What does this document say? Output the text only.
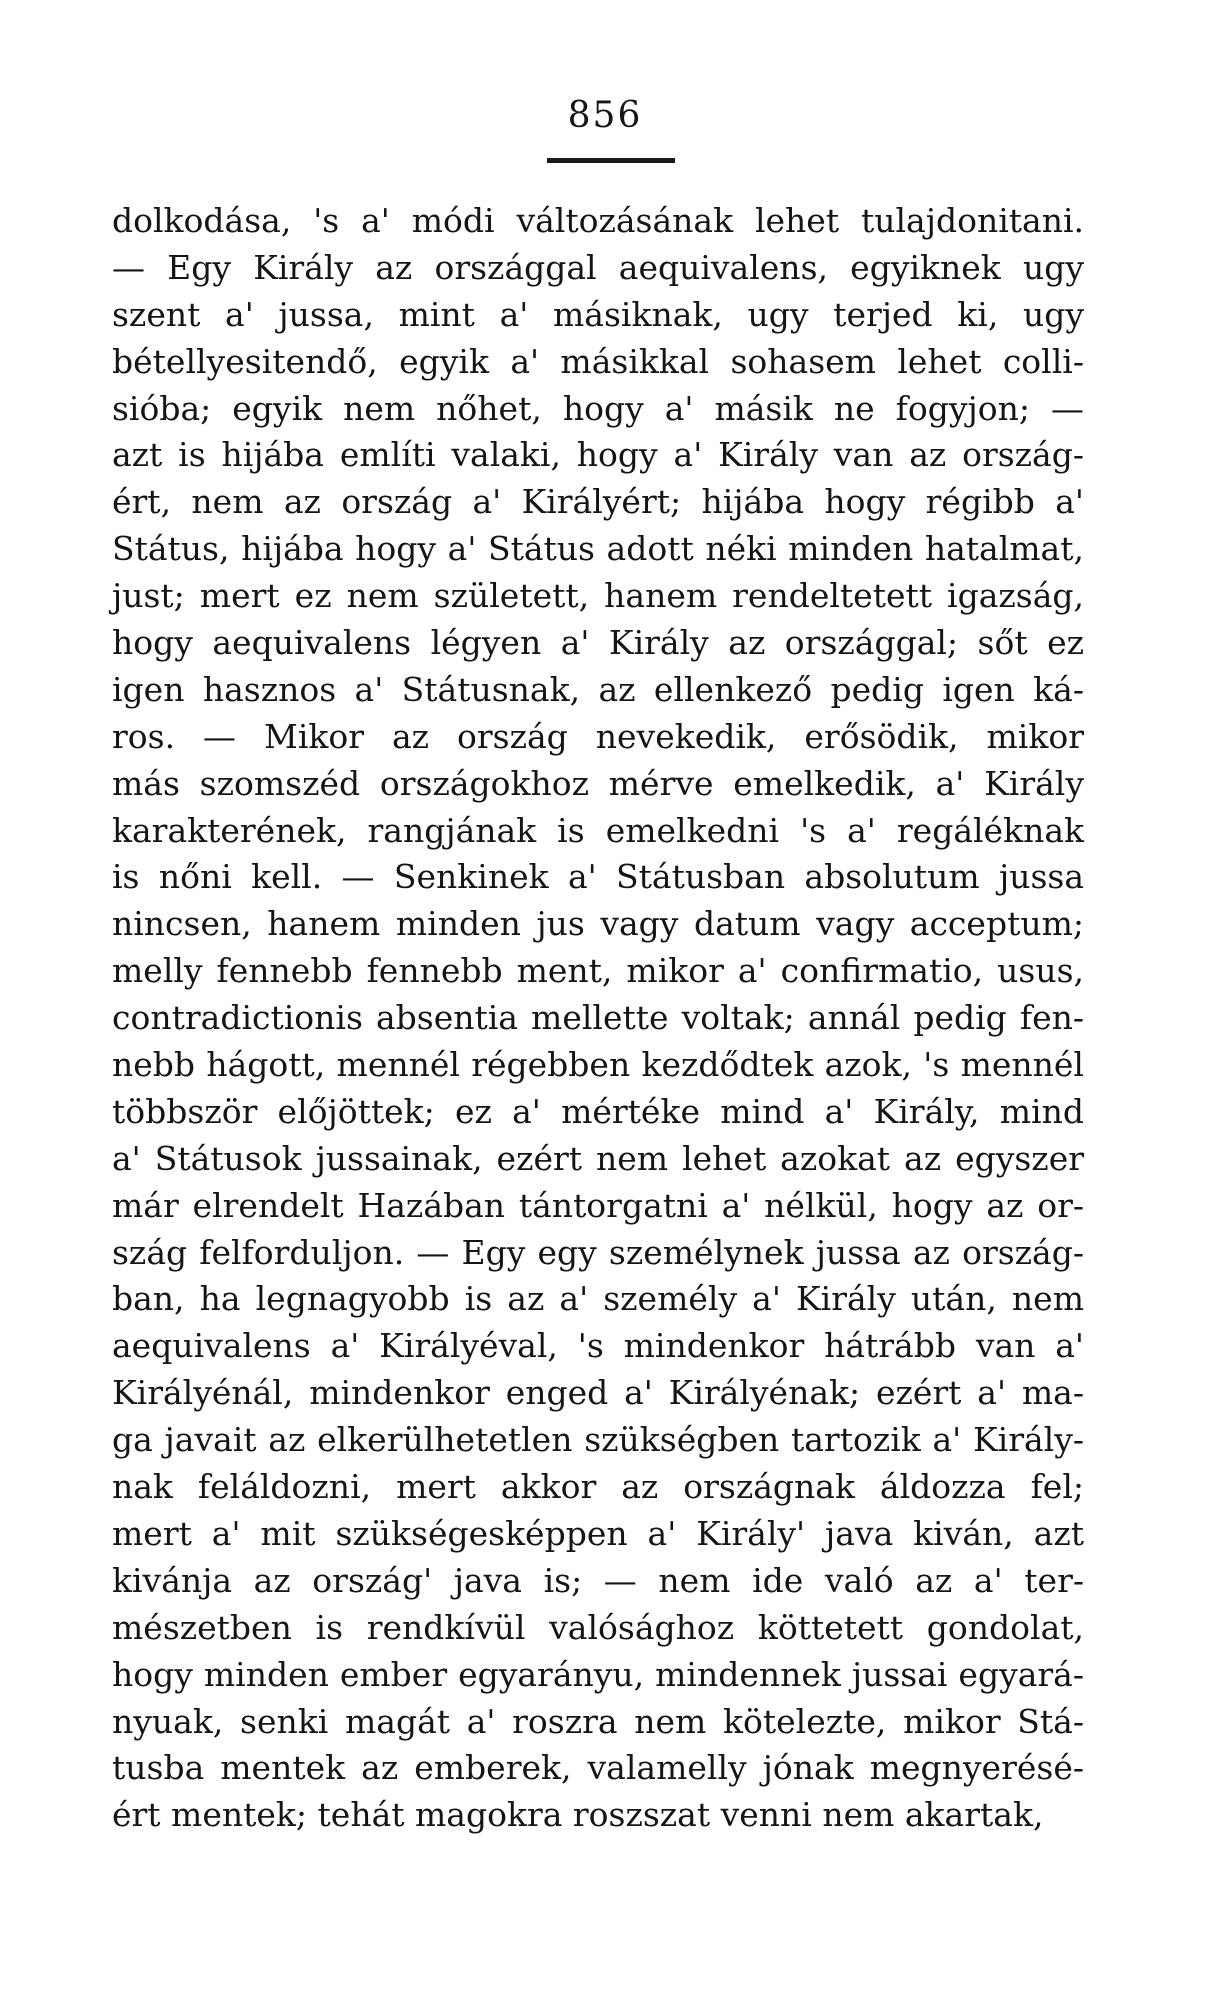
856
dolkodása, 's a' módi változásának lehet tulajdonitani.
— Egy Király az országgal aequivalens, egyiknek ugy
szent a' jussa, mint a' másiknak, ugy terjed ki, ugy
bétellyesitendő, egyik a' másikkal sohasem lehet colli-
sióba; egyik nem nőhet, hogy a' másik ne fogyjon; —
azt is hijába említi valaki, hogy a' Király van az ország-
ért, nem az ország a' Királyért; hijába hogy régibb a'
Státus, hijába hogy a' Státus adott néki minden hatalmat,
just; mert ez nem született, hanem rendeltetett igazság,
hogy aequivalens légyen a' Király az országgal; sőt ez
igen hasznos a' Státusnak, az ellenkező pedig igen ká-
ros. — Mikor az ország nevekedik, erősödik, mikor
más szomszéd országokhoz mérve emelkedik, a' Király
karakterének, rangjának is emelkedni 's a' regáléknak
is nőni kell. — Senkinek a' Státusban absolutum jussa
nincsen, hanem minden jus vagy datum vagy acceptum;
melly fennebb fennebb ment, mikor a' confirmatio, usus,
contradictionis absentia mellette voltak; annál pedig fen-
nebb hágott, mennél régebben kezdődtek azok, 's mennél
többször előjöttek; ez a' mértéke mind a' Király, mind
a' Státusok jussainak, ezért nem lehet azokat az egyszer
már elrendelt Hazában tántorgatni a' nélkül, hogy az or-
szág felforduljon. — Egy egy személynek jussa az ország-
ban, ha legnagyobb is az a' személy a' Király után, nem
aequivalens a' Királyéval, 's mindenkor hátrább van a'
Királyénál, mindenkor enged a' Királyénak; ezért a' ma-
ga javait az elkerülhetetlen szükségben tartozik a' Király-
nak feláldozni, mert akkor az országnak áldozza fel;
mert a' mit szükségesképpen a' Király' java kiván, azt
kivánja az ország' java is; — nem ide való az a' ter-
mészetben is rendkívül valósághoz köttetett gondolat,
hogy minden ember egyarányu, mindennek jussai egyará-
nyuak, senki magát a' roszra nem kötelezte, mikor Stá-
tusba mentek az emberek, valamelly jónak megnyerésé-
ért mentek; tehát magokra roszszat venni nem akartak,
